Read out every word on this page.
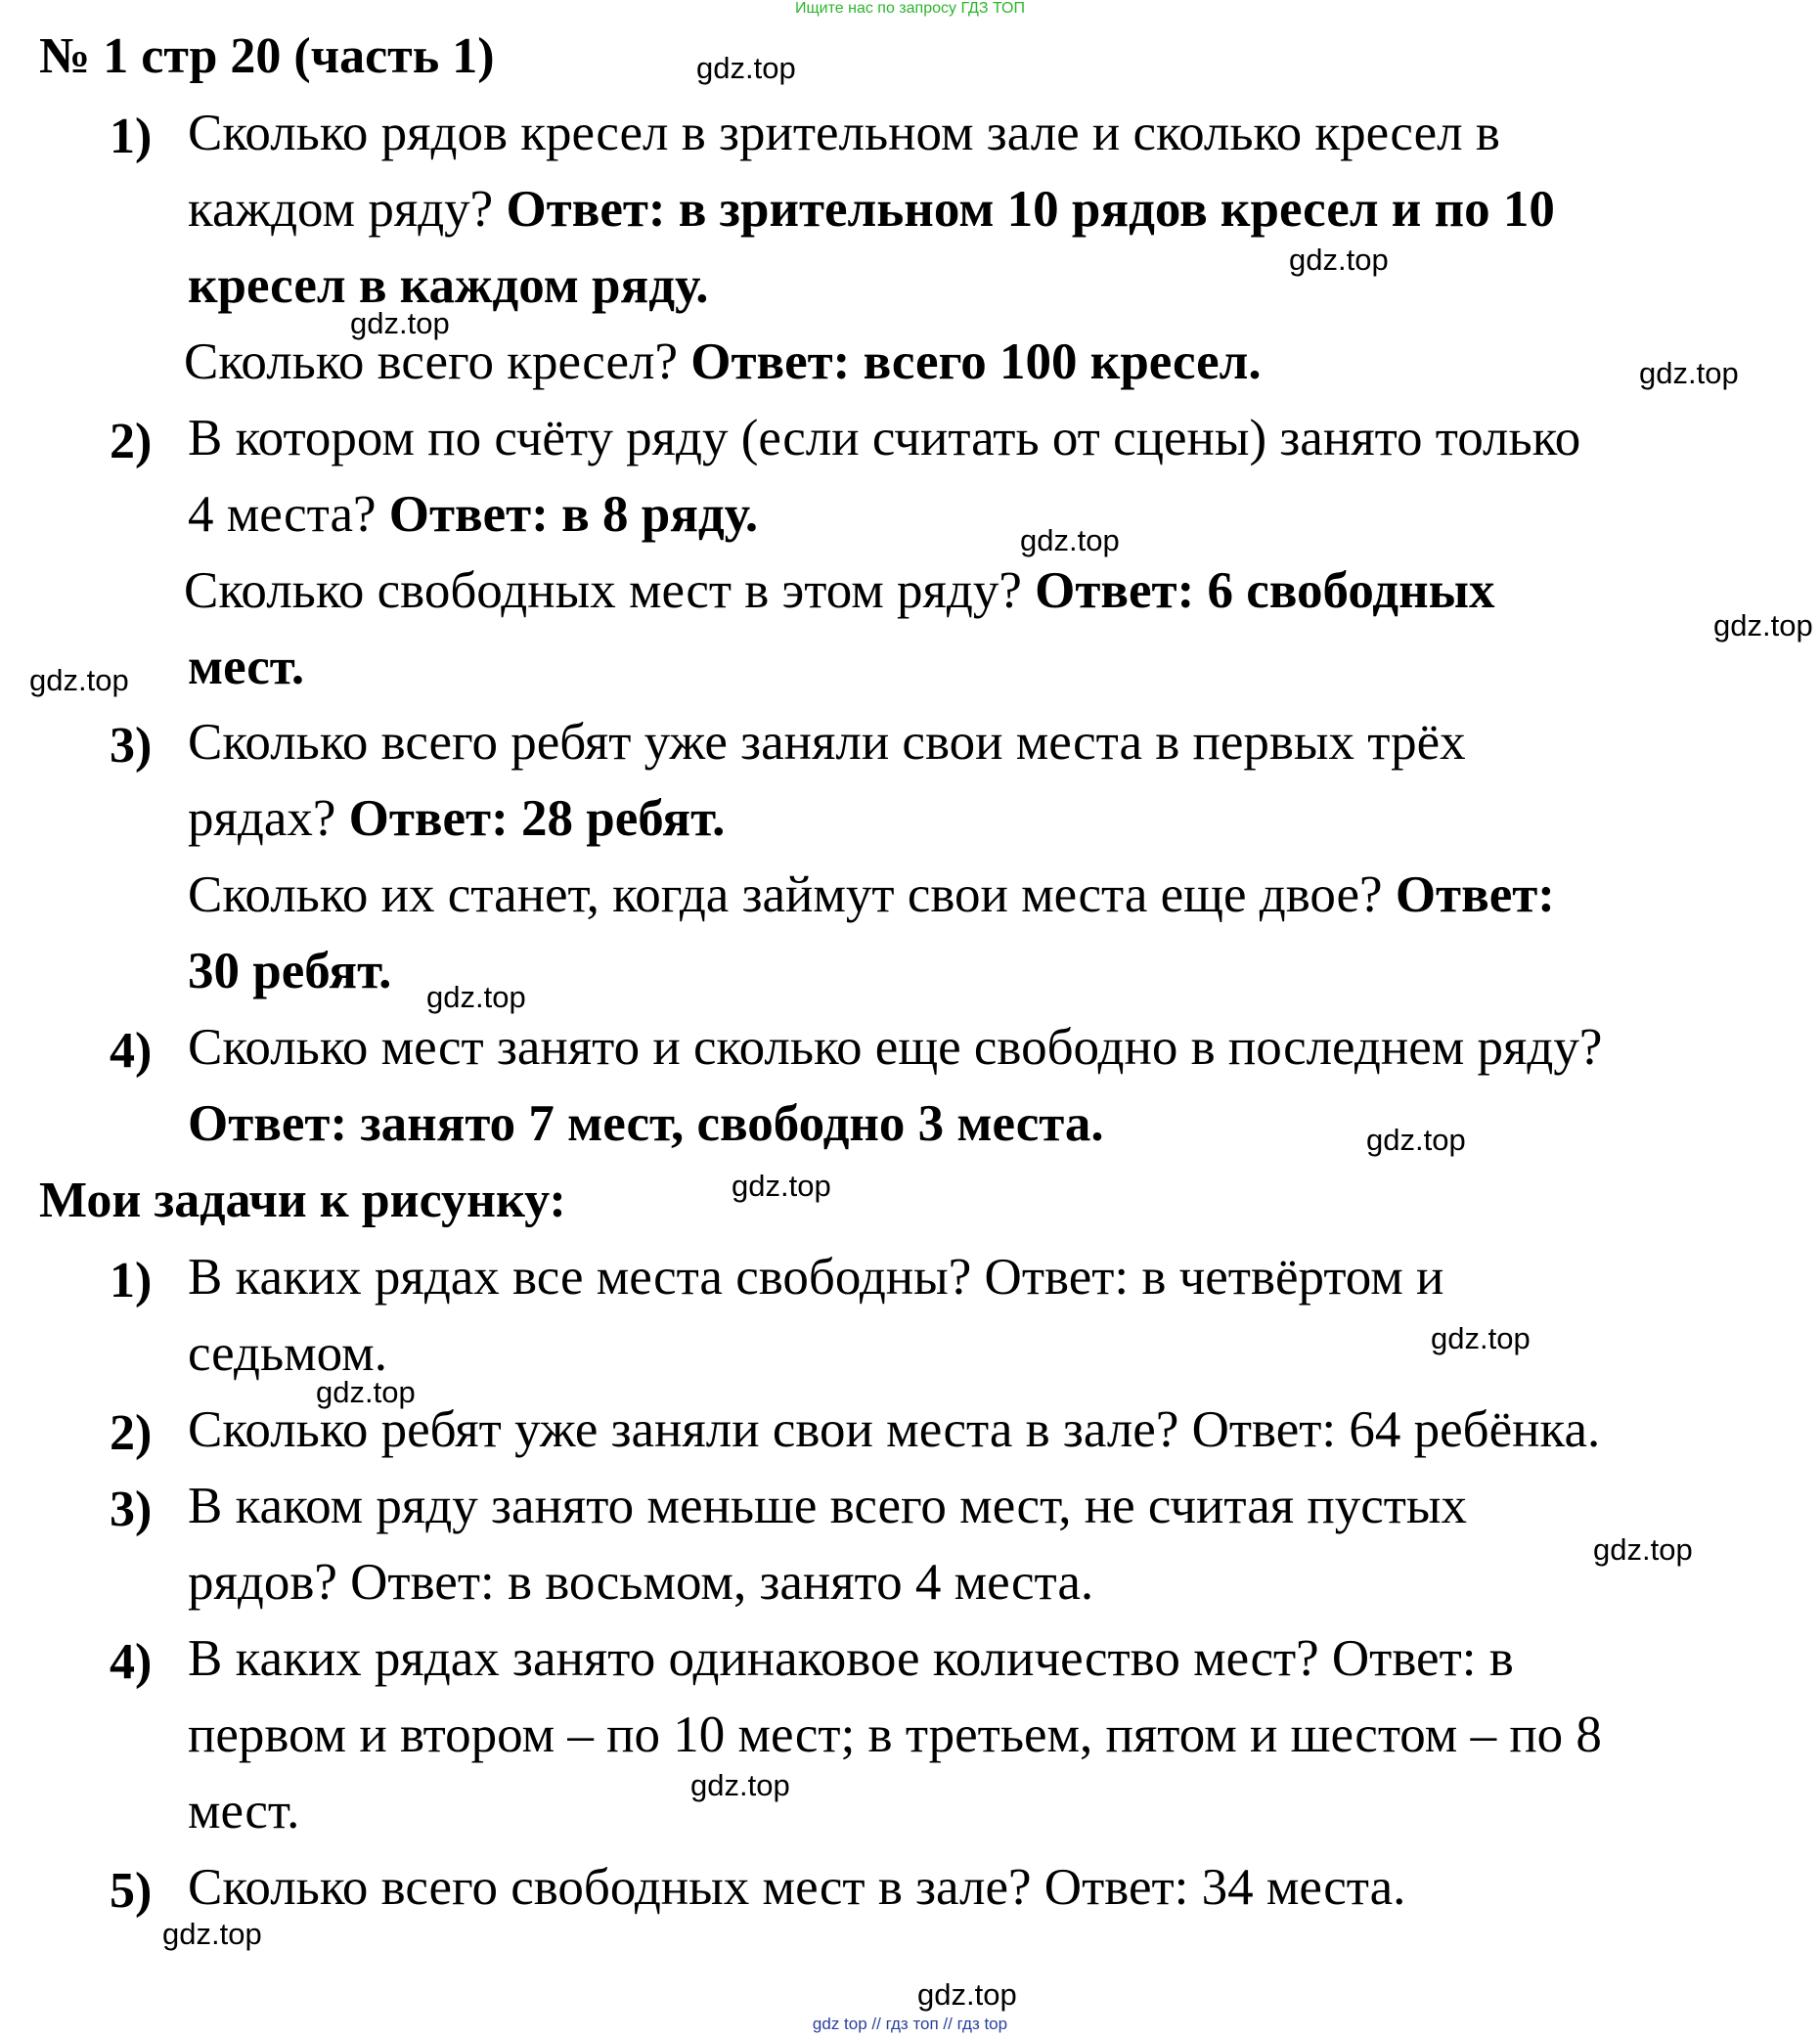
Ищите нас по запросу ГДЗ ТОП
№ 1 стр 20 (часть 1)
1) Сколько рядов кресел в зрительном зале и сколько кресел в
каждом ряду? Ответ: в зрительном 10 рядов кресел и по 10
кресел в каждом ряду.
Сколько всего кресел? Ответ: всего 100 кресел.
2) В котором по счёту ряду (если считать от сцены) занято только
4 места? Ответ: в 8 ряду.
Сколько свободных мест в этом ряду? Ответ: 6 свободных
мест.
3) Сколько всего ребят уже заняли свои места в первых трёх
рядах? Ответ: 28 ребят.
Сколько их станет, когда займут свои места еще двое? Ответ:
30 ребят.
4) Сколько мест занято и сколько еще свободно в последнем ряду?
Ответ: занято 7 мест, свободно 3 места.
Мои задачи к рисунку:
1) В каких рядах все места свободны? Ответ: в четвёртом и
седьмом.
2) Сколько ребят уже заняли свои места в зале? Ответ: 64 ребёнка.
3) В каком ряду занято меньше всего мест, не считая пустых
рядов? Ответ: в восьмом, занято 4 места.
4) В каких рядах занято одинаковое количество мест? Ответ: в
первом и втором – по 10 мест; в третьем, пятом и шестом – по 8
мест.
5) Сколько всего свободных мест в зале? Ответ: 34 места.
gdz.top
gdz.top
gdz.top
gdz.top
gdz.top
gdz.top
gdz.top
gdz.top
gdz.top
gdz.top
gdz.top
gdz.top
gdz.top
gdz.top
gdz.top
gdz.top
gdz top // гдз топ // гдз top
